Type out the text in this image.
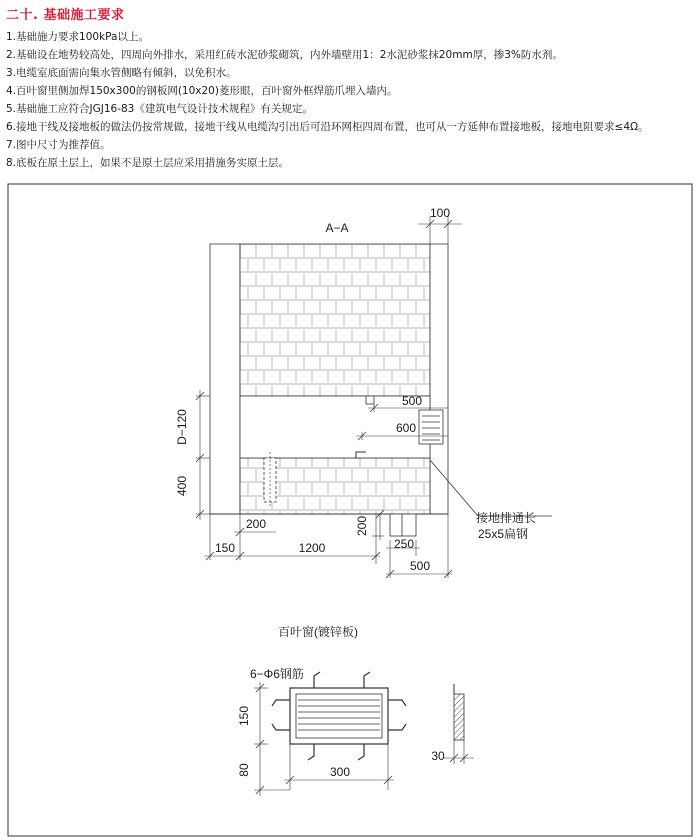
二十. 基础施工要求
1.基础施力要求100kPa以上。
2.基础设在地势较高处，四周向外排水，采用红砖水泥砂浆砌筑，内外墙壁用1：2水泥砂浆抹20mm厚，掺3%防水剂。
3.电缆室底面需向集水管侧略有倾斜，以免积水。
4.百叶窗里侧加焊150x300的钢板网(10x20)菱形眼，百叶窗外框焊筋爪埋入墙内。
5.基础施工应符合JGJ16-83《建筑电气设计技术规程》有关规定。
6.接地干线及接地板的做法仍按常规做，接地干线从电缆沟引出后可沿环网柜四周布置，也可从一方延伸布置接地板，接地电阻要求≤4Ω。
7.图中尺寸为推荐值。
8.底板在原土层上，如果不是原土层应采用措施务实原土层。
A−A
100
D−120
400
500
600
200
150	1200
200
250
500
接地排通长
25x5扁钢
百叶窗(镀锌板)
6−Φ6钢筋
150
80	300
30
